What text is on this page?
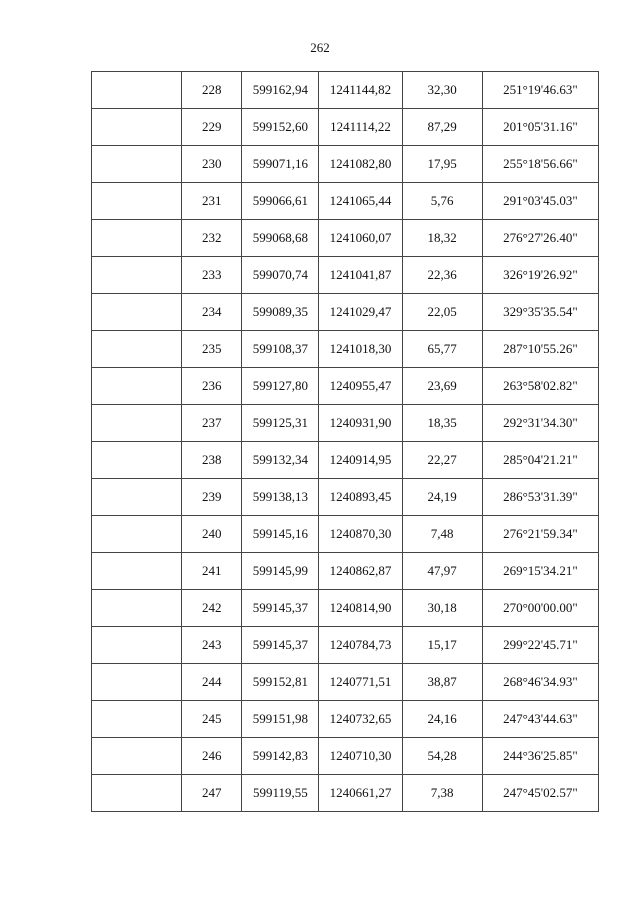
262
	228	599162,94	1241144,82	32,30	251°19'46.63"
	229	599152,60	1241114,22	87,29	201°05'31.16"
	230	599071,16	1241082,80	17,95	255°18'56.66"
	231	599066,61	1241065,44	5,76	291°03'45.03"
	232	599068,68	1241060,07	18,32	276°27'26.40"
	233	599070,74	1241041,87	22,36	326°19'26.92"
	234	599089,35	1241029,47	22,05	329°35'35.54"
	235	599108,37	1241018,30	65,77	287°10'55.26"
	236	599127,80	1240955,47	23,69	263°58'02.82"
	237	599125,31	1240931,90	18,35	292°31'34.30"
	238	599132,34	1240914,95	22,27	285°04'21.21"
	239	599138,13	1240893,45	24,19	286°53'31.39"
	240	599145,16	1240870,30	7,48	276°21'59.34"
	241	599145,99	1240862,87	47,97	269°15'34.21"
	242	599145,37	1240814,90	30,18	270°00'00.00"
	243	599145,37	1240784,73	15,17	299°22'45.71"
	244	599152,81	1240771,51	38,87	268°46'34.93"
	245	599151,98	1240732,65	24,16	247°43'44.63"
	246	599142,83	1240710,30	54,28	244°36'25.85"
	247	599119,55	1240661,27	7,38	247°45'02.57"
